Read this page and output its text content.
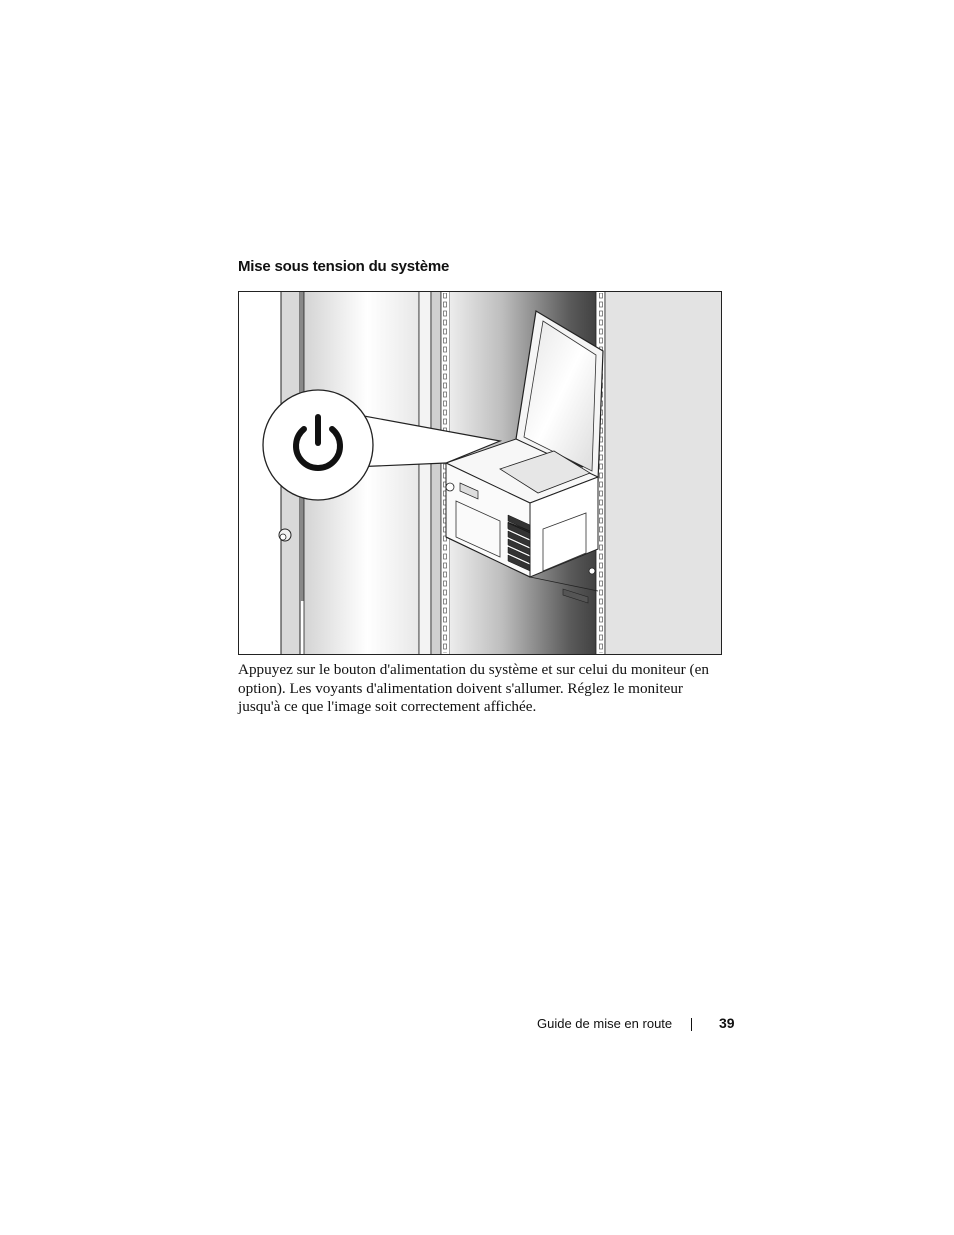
Mise sous tension du système

Appuyez sur le bouton d'alimentation du système et sur celui du moniteur (en option). Les voyants d'alimentation doivent s'allumer. Réglez le moniteur jusqu'à ce que l'image soit correctement affichée.

Guide de mise en route	39
